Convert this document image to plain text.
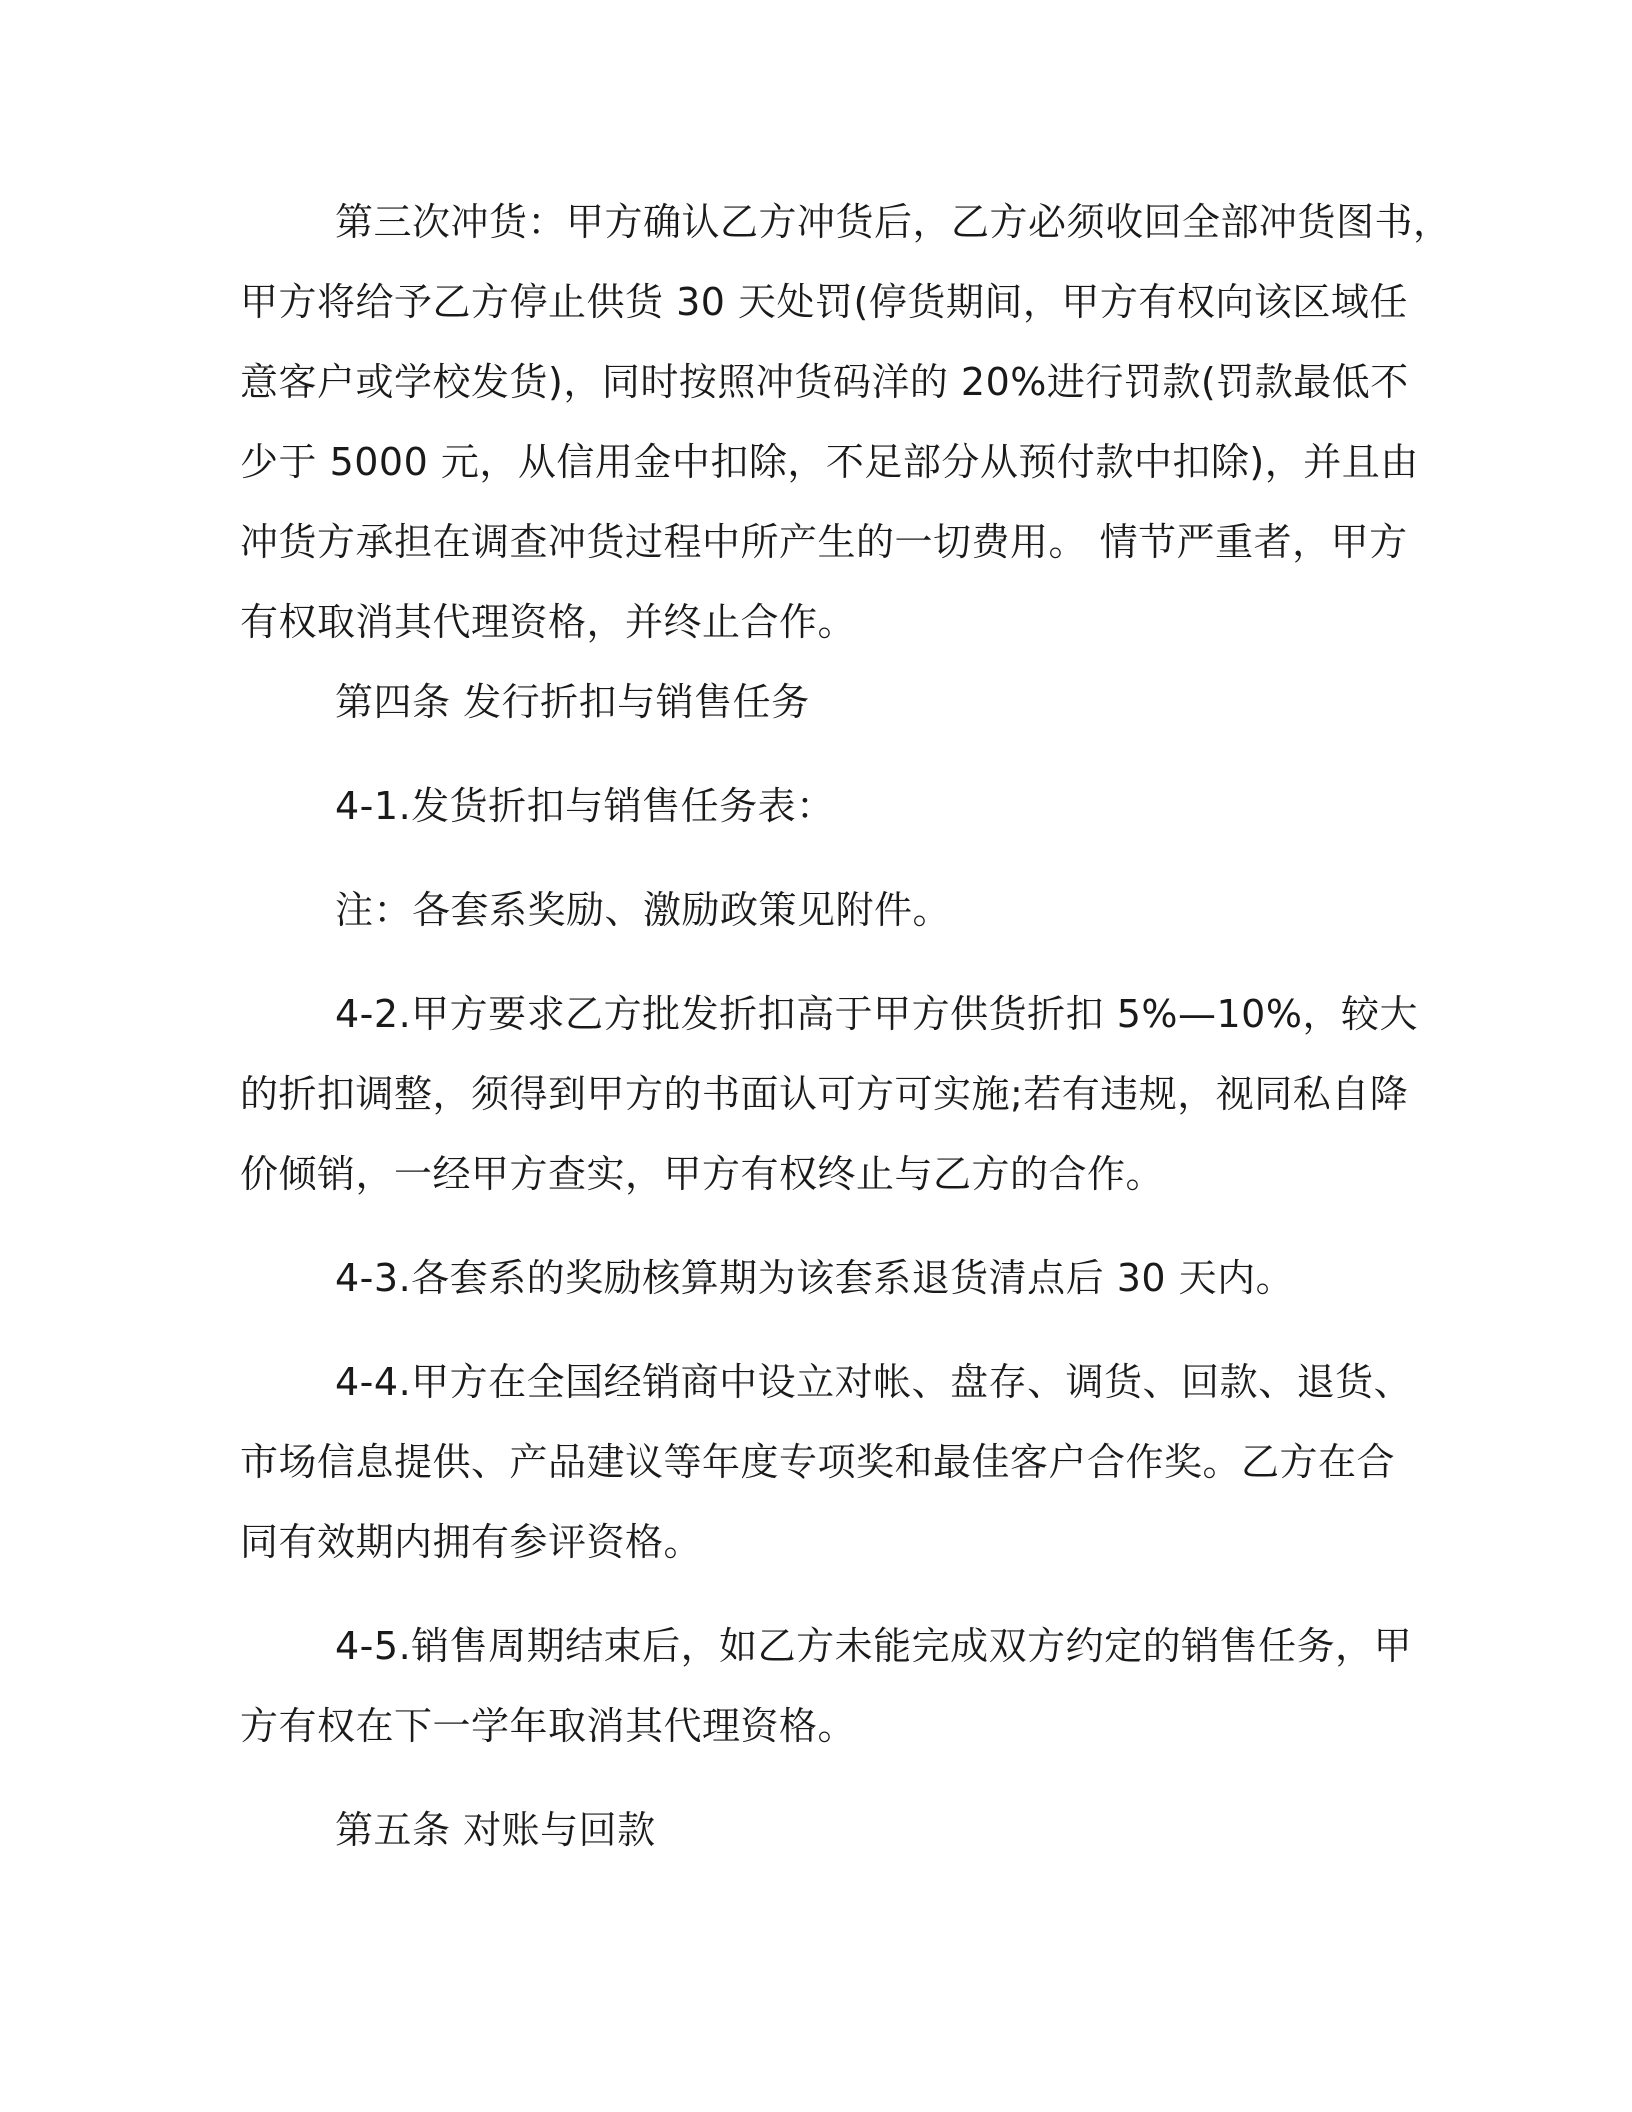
第三次冲货：甲方确认乙方冲货后，乙方必须收回全部冲货图书，
甲方将给予乙方停止供货 30 天处罚(停货期间，甲方有权向该区域任
意客户或学校发货)，同时按照冲货码洋的 20%进行罚款(罚款最低不
少于 5000 元，从信用金中扣除，不足部分从预付款中扣除)，并且由
冲货方承担在调查冲货过程中所产生的一切费用。 情节严重者，甲方
有权取消其代理资格，并终止合作。
第四条 发行折扣与销售任务
4-1.发货折扣与销售任务表：
注：各套系奖励、激励政策见附件。
4-2.甲方要求乙方批发折扣高于甲方供货折扣 5%—10%，较大
的折扣调整，须得到甲方的书面认可方可实施;若有违规，视同私自降
价倾销，一经甲方查实，甲方有权终止与乙方的合作。
4-3.各套系的奖励核算期为该套系退货清点后 30 天内。
4-4.甲方在全国经销商中设立对帐、盘存、调货、回款、退货、
市场信息提供、产品建议等年度专项奖和最佳客户合作奖。乙方在合
同有效期内拥有参评资格。
4-5.销售周期结束后，如乙方未能完成双方约定的销售任务，甲
方有权在下一学年取消其代理资格。
第五条 对账与回款
